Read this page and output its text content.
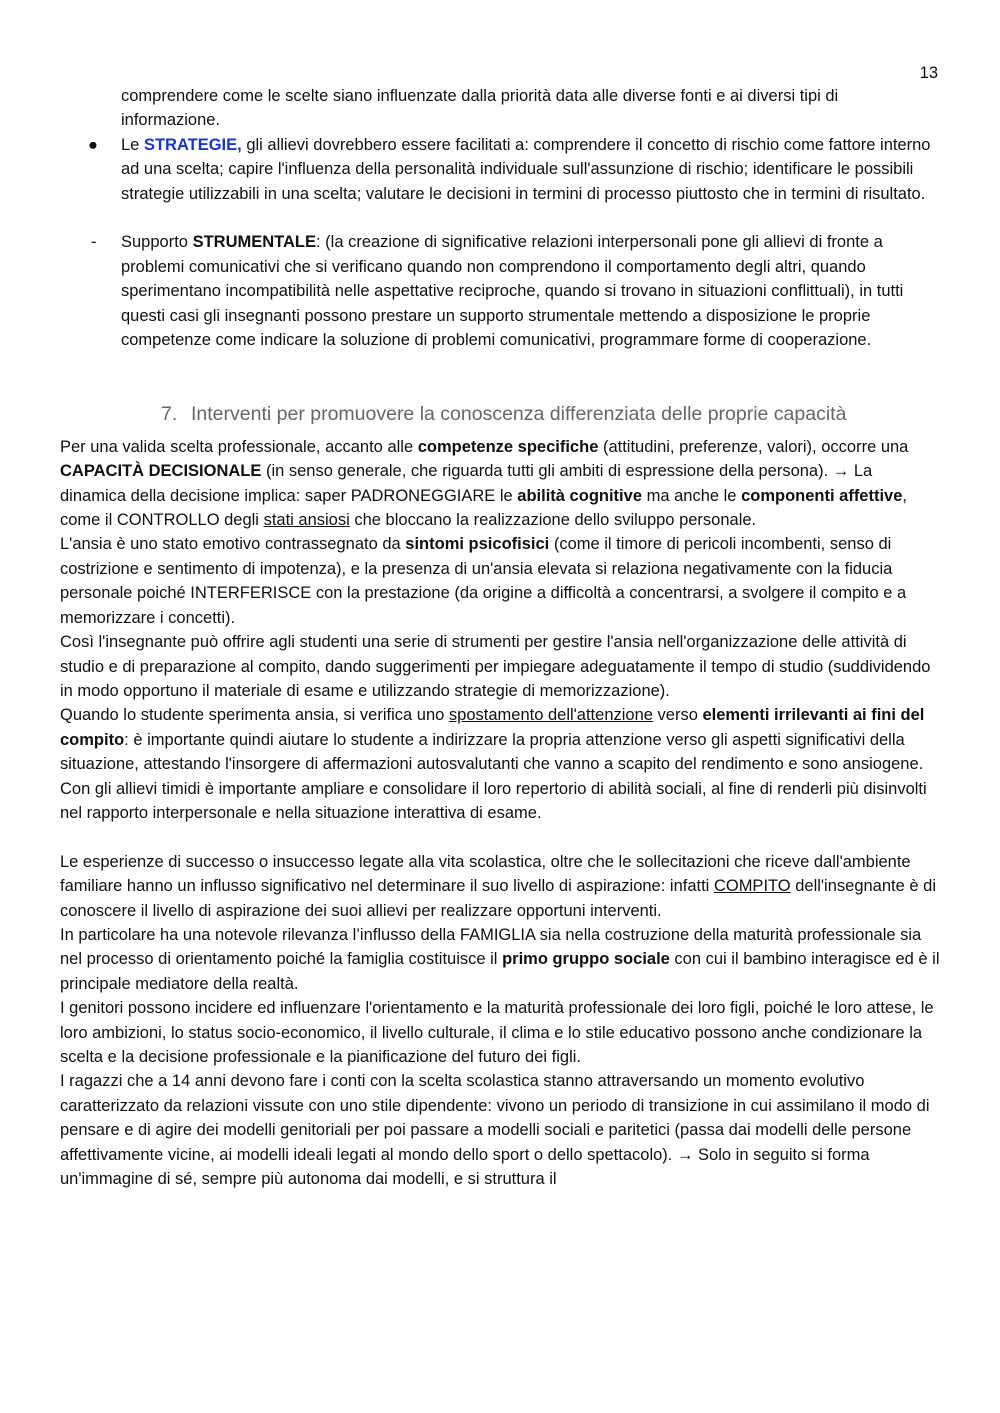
13

comprendere come le scelte siano influenzate dalla priorità data alle diverse fonti e ai diversi tipi di informazione.

● Le STRATEGIE, gli allievi dovrebbero essere facilitati a: comprendere il concetto di rischio come fattore interno ad una scelta; capire l'influenza della personalità individuale sull'assunzione di rischio; identificare le possibili strategie utilizzabili in una scelta; valutare le decisioni in termini di processo piuttosto che in termini di risultato.
- Supporto STRUMENTALE: (la creazione di significative relazioni interpersonali pone gli allievi di fronte a problemi comunicativi che si verificano quando non comprendono il comportamento degli altri, quando sperimentano incompatibilità nelle aspettative reciproche, quando si trovano in situazioni conflittuali), in tutti questi casi gli insegnanti possono prestare un supporto strumentale mettendo a disposizione le proprie competenze come indicare la soluzione di problemi comunicativi, programmare forme di cooperazione.
7. Interventi per promuovere la conoscenza differenziata delle proprie capacità

Per una valida scelta professionale, accanto alle competenze specifiche (attitudini, preferenze, valori), occorre una CAPACITÀ DECISIONALE (in senso generale, che riguarda tutti gli ambiti di espressione della persona). → La dinamica della decisione implica: saper PADRONEGGIARE le abilità cognitive ma anche le componenti affettive, come il CONTROLLO degli stati ansiosi che bloccano la realizzazione dello sviluppo personale.

L'ansia è uno stato emotivo contrassegnato da sintomi psicofisici (come il timore di pericoli incombenti, senso di costrizione e sentimento di impotenza), e la presenza di un'ansia elevata si relaziona negativamente con la fiducia personale poiché INTERFERISCE con la prestazione (da origine a difficoltà a concentrarsi, a svolgere il compito e a memorizzare i concetti).

Così l'insegnante può offrire agli studenti una serie di strumenti per gestire l'ansia nell'organizzazione delle attività di studio e di preparazione al compito, dando suggerimenti per impiegare adeguatamente il tempo di studio (suddividendo in modo opportuno il materiale di esame e utilizzando strategie di memorizzazione).

Quando lo studente sperimenta ansia, si verifica uno spostamento dell'attenzione verso elementi irrilevanti ai fini del compito: è importante quindi aiutare lo studente a indirizzare la propria attenzione verso gli aspetti significativi della situazione, attestando l'insorgere di affermazioni autosvalutanti che vanno a scapito del rendimento e sono ansiogene.

Con gli allievi timidi è importante ampliare e consolidare il loro repertorio di abilità sociali, al fine di renderli più disinvolti nel rapporto interpersonale e nella situazione interattiva di esame.

Le esperienze di successo o insuccesso legate alla vita scolastica, oltre che le sollecitazioni che riceve dall'ambiente familiare hanno un influsso significativo nel determinare il suo livello di aspirazione: infatti COMPITO dell'insegnante è di conoscere il livello di aspirazione dei suoi allievi per realizzare opportuni interventi.

In particolare ha una notevole rilevanza l’influsso della FAMIGLIA sia nella costruzione della maturità professionale sia nel processo di orientamento poiché la famiglia costituisce il primo gruppo sociale con cui il bambino interagisce ed è il principale mediatore della realtà.

I genitori possono incidere ed influenzare l'orientamento e la maturità professionale dei loro figli, poiché le loro attese, le loro ambizioni, lo status socio-economico, il livello culturale, il clima e lo stile educativo possono anche condizionare la scelta e la decisione professionale e la pianificazione del futuro dei figli.

I ragazzi che a 14 anni devono fare i conti con la scelta scolastica stanno attraversando un momento evolutivo caratterizzato da relazioni vissute con uno stile dipendente: vivono un periodo di transizione in cui assimilano il modo di pensare e di agire dei modelli genitoriali per poi passare a modelli sociali e paritetici (passa dai modelli delle persone affettivamente vicine, ai modelli ideali legati al mondo dello sport o dello spettacolo). → Solo in seguito si forma un'immagine di sé, sempre più autonoma dai modelli, e si struttura il
